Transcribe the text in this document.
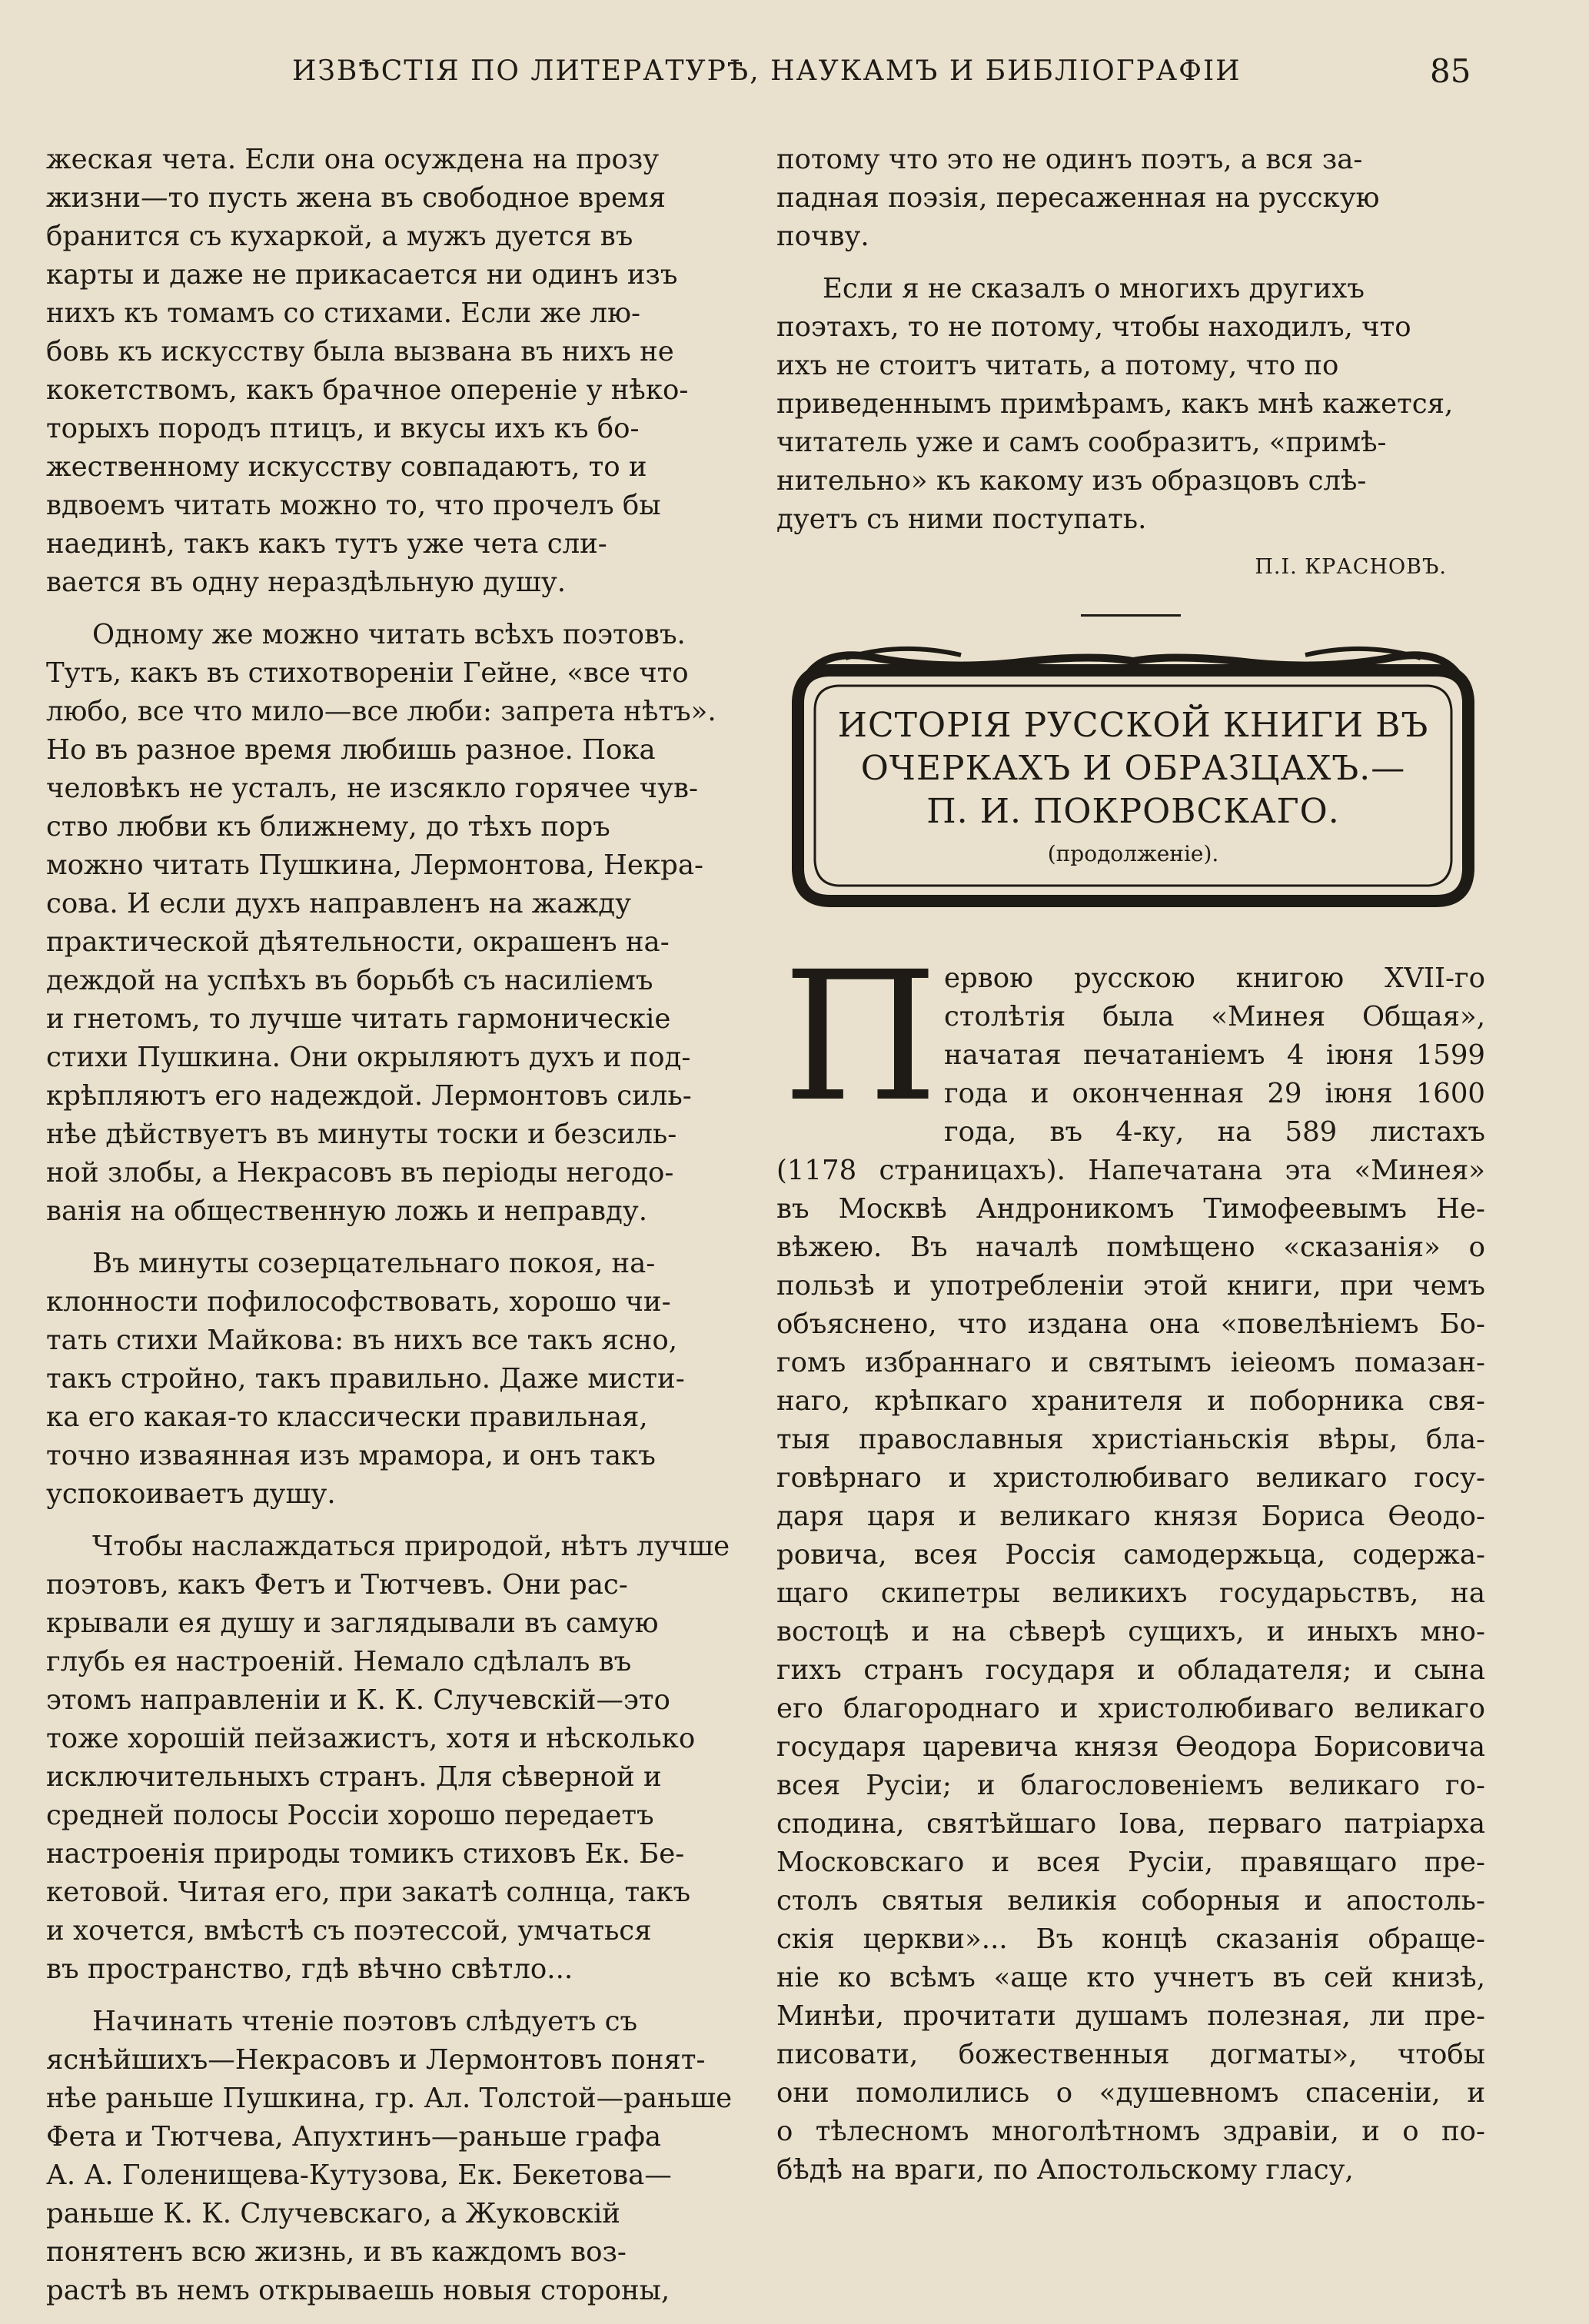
ИЗВѢСТІЯ ПО ЛИТЕРАТУРѢ, НАУКАМЪ И БИБЛІОГРАФІИ	85
жеская чета. Если она осуждена на прозу
жизни—то пусть жена въ свободное время
бранится съ кухаркой, а мужъ дуется въ
карты и даже не прикасается ни одинъ изъ
нихъ къ томамъ со стихами. Если же лю-
бовь къ искусству была вызвана въ нихъ не
кокетствомъ, какъ брачное опереніе у нѣко-
торыхъ породъ птицъ, и вкусы ихъ къ бо-
жественному искусству совпадаютъ, то и
вдвоемъ читать можно то, что прочелъ бы
наединѣ, такъ какъ тутъ уже чета сли-
вается въ одну нераздѣльную душу.
Одному же можно читать всѣхъ поэтовъ.
Тутъ, какъ въ стихотвореніи Гейне, «все что
любо, все что мило—все люби: запрета нѣтъ».
Но въ разное время любишь разное. Пока
человѣкъ не усталъ, не изсякло горячее чув-
ство любви къ ближнему, до тѣхъ поръ
можно читать Пушкина, Лермонтова, Некра-
сова. И если духъ направленъ на жажду
практической дѣятельности, окрашенъ на-
деждой на успѣхъ въ борьбѣ съ насиліемъ
и гнетомъ, то лучше читать гармоническіе
стихи Пушкина. Они окрыляютъ духъ и под-
крѣпляютъ его надеждой. Лермонтовъ силь-
нѣе дѣйствуетъ въ минуты тоски и безсиль-
ной злобы, а Некрасовъ въ періоды негодо-
ванія на общественную ложь и неправду.
Въ минуты созерцательнаго покоя, на-
клонности пофилософствовать, хорошо чи-
тать стихи Майкова: въ нихъ все такъ ясно,
такъ стройно, такъ правильно. Даже мисти-
ка его какая-то классически правильная,
точно изваянная изъ мрамора, и онъ такъ
успокоиваетъ душу.
Чтобы наслаждаться природой, нѣтъ лучше
поэтовъ, какъ Фетъ и Тютчевъ. Они рас-
крывали ея душу и заглядывали въ самую
глубь ея настроеній. Немало сдѣлалъ въ
этомъ направленіи и К. К. Случевскій—это
тоже хорошій пейзажистъ, хотя и нѣсколько
исключительныхъ странъ. Для сѣверной и
средней полосы Россіи хорошо передаетъ
настроенія природы томикъ стиховъ Ек. Бе-
кетовой. Читая его, при закатѣ солнца, такъ
и хочется, вмѣстѣ съ поэтессой, умчаться
въ пространство, гдѣ вѣчно свѣтло...
Начинать чтеніе поэтовъ слѣдуетъ съ
яснѣйшихъ—Некрасовъ и Лермонтовъ понят-
нѣе раньше Пушкина, гр. Ал. Толстой—раньше
Фета и Тютчева, Апухтинъ—раньше графа
А. А. Голенищева-Кутузова, Ек. Бекетова—
раньше К. К. Случевскаго, а Жуковскій
понятенъ всю жизнь, и въ каждомъ воз-
растѣ въ немъ открываешь новыя стороны,
потому что это не одинъ поэтъ, а вся за-
падная поэзія, пересаженная на русскую
почву.
Если я не сказалъ о многихъ другихъ
поэтахъ, то не потому, чтобы находилъ, что
ихъ не стоитъ читать, а потому, что по
приведеннымъ примѣрамъ, какъ мнѣ кажется,
читатель уже и самъ сообразитъ, «примѣ-
нительно» къ какому изъ образцовъ слѣ-
дуетъ съ ними поступать.
П.І. КРАСНОВЪ.
ИСТОРІЯ РУССКОЙ КНИГИ ВЪ
ОЧЕРКАХЪ И ОБРАЗЦАХЪ.—
П. И. ПОКРОВСКАГО.
(продолженіе).
П ервою русскою книгою XVII-го
столѣтія была «Минея Общая»,
начатая печатаніемъ 4 іюня 1599
года и оконченная 29 іюня 1600
года, въ 4-ку, на 589 листахъ
(1178 страницахъ). Напечатана эта «Минея»
въ Москвѣ Андроникомъ Тимофеевымъ Не-
вѣжею. Въ началѣ помѣщено «сказанія» о
пользѣ и употребленіи этой книги, при чемъ
объяснено, что издана она «повелѣніемъ Бо-
гомъ избраннаго и святымъ іеіеомъ помазан-
наго, крѣпкаго хранителя и поборника свя-
тыя православныя христіаньскія вѣры, бла-
говѣрнаго и христолюбиваго великаго госу-
даря царя и великаго князя Бориса Ѳеодо-
ровича, всея Россія самодержьца, содержа-
щаго скипетры великихъ государьствъ, на
востоцѣ и на сѣверѣ сущихъ, и иныхъ мно-
гихъ странъ государя и обладателя; и сына
его благороднаго и христолюбиваго великаго
государя царевича князя Ѳеодора Борисовича
всея Русіи; и благословеніемъ великаго го-
сподина, святѣйшаго Іова, перваго патріарха
Московскаго и всея Русіи, правящаго пре-
столъ святыя великія соборныя и апостоль-
скія церкви»... Въ концѣ сказанія обраще-
ніе ко всѣмъ «аще кто учнетъ въ сей книзѣ,
Минѣи, прочитати душамъ полезная, ли пре-
писовати, божественныя догматы», чтобы
они помолились о «душевномъ спасеніи, и
о тѣлесномъ многолѣтномъ здравіи, и о по-
бѣдѣ на враги, по Апостольскому гласу,
